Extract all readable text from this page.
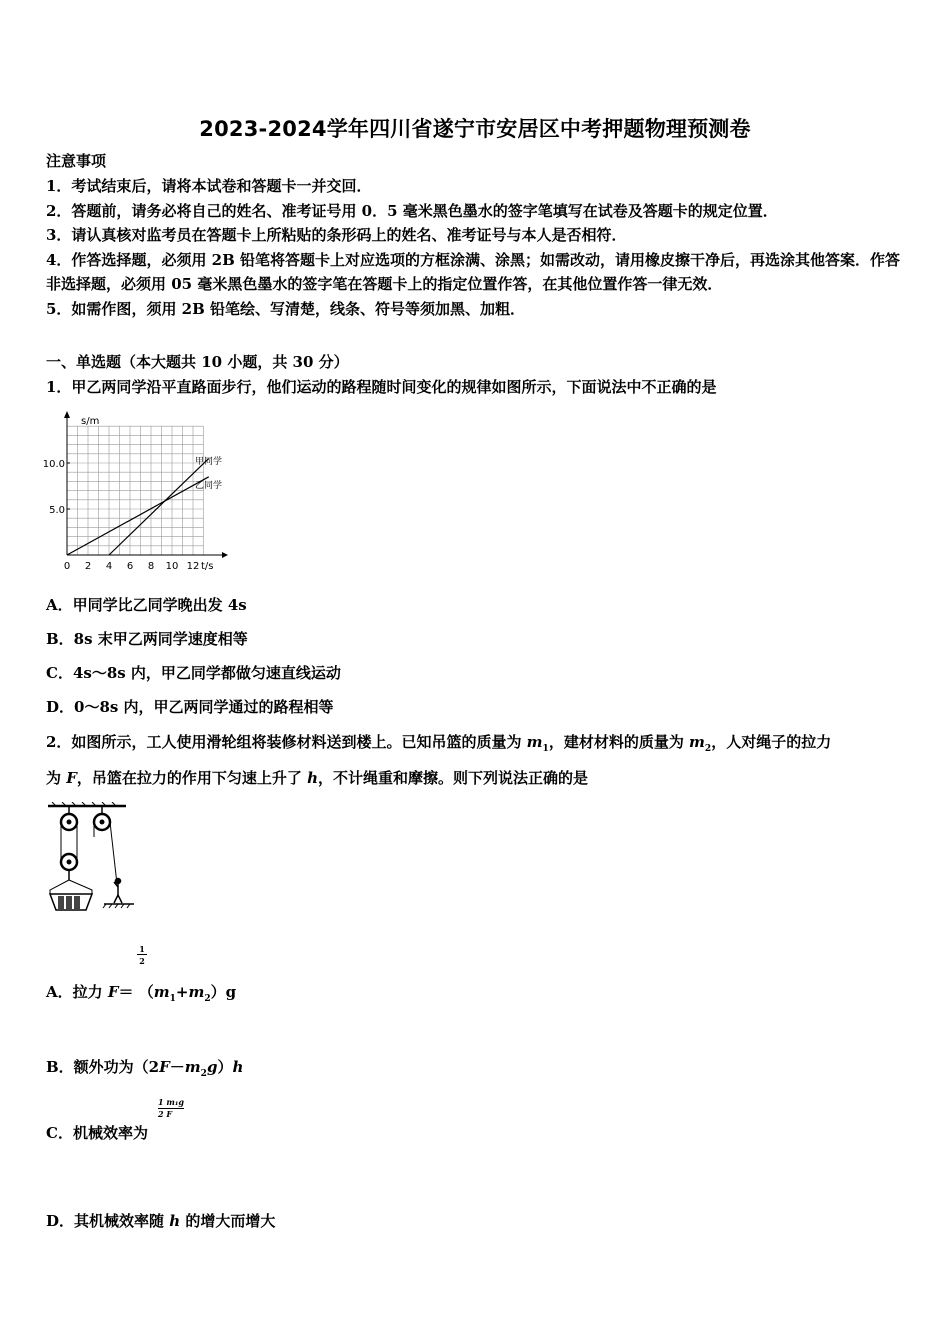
2023-2024学年四川省遂宁市安居区中考押题物理预测卷
注意事项
1．考试结束后，请将本试卷和答题卡一并交回．
2．答题前，请务必将自己的姓名、准考证号用 0．5 毫米黑色墨水的签字笔填写在试卷及答题卡的规定位置．
3．请认真核对监考员在答题卡上所粘贴的条形码上的姓名、准考证号与本人是否相符．
4．作答选择题，必须用 2B 铅笔将答题卡上对应选项的方框涂满、涂黑；如需改动，请用橡皮擦干净后，再选涂其他答案．作答非选择题，必须用 05 毫米黑色墨水的签字笔在答题卡上的指定位置作答，在其他位置作答一律无效．
5．如需作图，须用 2B 铅笔绘、写清楚，线条、符号等须加黑、加粗．
一、单选题（本大题共 10 小题，共 30 分）
1．甲乙两同学沿平直路面步行，他们运动的路程随时间变化的规律如图所示，下面说法中不正确的是
s/m
t/s
0 2 4 6 8 10 12
5.0
10.0	甲同学
乙同学
A．甲同学比乙同学晚出发 4s
B．8s 末甲乙两同学速度相等
C．4s～8s 内，甲乙同学都做匀速直线运动
D．0～8s 内，甲乙两同学通过的路程相等
2．如图所示，工人使用滑轮组将装修材料送到楼上。已知吊篮的质量为 $m_1$，建材材料的质量为 $m_2$，人对绳子的拉力
为 F，吊篮在拉力的作用下匀速上升了 h，不计绳重和摩擦。则下列说法正确的是
1
2
A．拉力 $F= (m_1+m_2)g$
B．额外功为$(2F-m_2g)h$
C．机械效率为
$\frac{\text{1 m₁g}}{2 F}$
D．其机械效率随 h 的增大而增大
